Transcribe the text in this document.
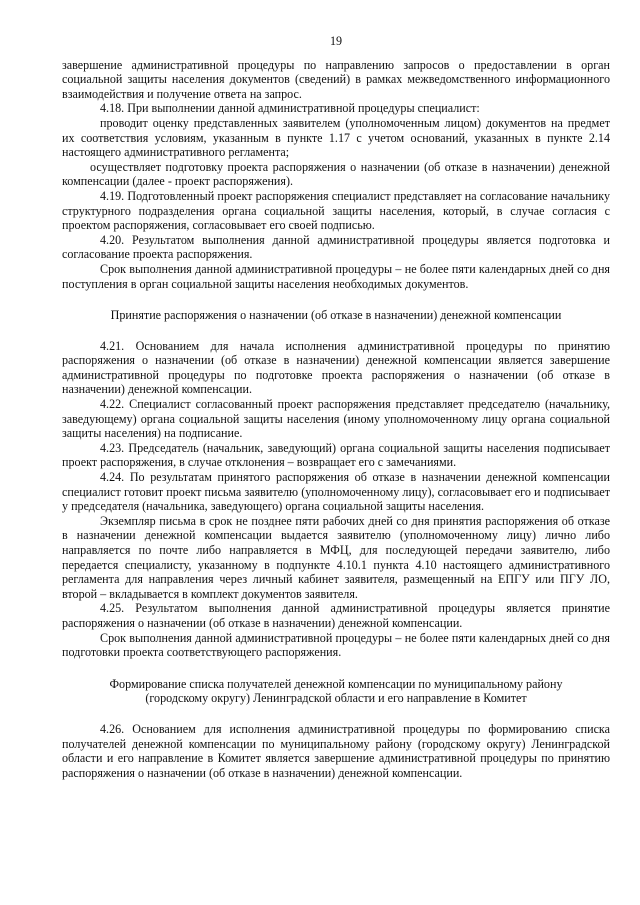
19

завершение административной процедуры по направлению запросов о предоставлении в орган социальной защиты населения документов (сведений) в рамках межведомственного информационного взаимодействия и получение ответа на запрос.

4.18. При выполнении данной административной процедуры специалист:

проводит оценку представленных заявителем (уполномоченным лицом) документов на предмет их соответствия условиям, указанным в пункте 1.17 с учетом оснований, указанных в пункте 2.14 настоящего административного регламента;

осуществляет подготовку проекта распоряжения о назначении (об отказе в назначении) денежной компенсации (далее - проект распоряжения).

4.19. Подготовленный проект распоряжения специалист представляет на согласование начальнику структурного подразделения органа социальной защиты населения, который, в случае согласия с проектом распоряжения, согласовывает его своей подписью.

4.20. Результатом выполнения данной административной процедуры является подготовка и согласование проекта распоряжения.

Срок выполнения данной административной процедуры – не более пяти календарных дней со дня поступления в орган социальной защиты населения необходимых документов.

Принятие распоряжения о назначении (об отказе в назначении) денежной компенсации

4.21. Основанием для начала исполнения административной процедуры по принятию распоряжения о назначении (об отказе в назначении) денежной компенсации является завершение административной процедуры по подготовке проекта распоряжения о назначении (об отказе в назначении) денежной компенсации.

4.22. Специалист согласованный проект распоряжения представляет председателю (начальнику, заведующему) органа социальной защиты населения (иному уполномоченному лицу органа социальной защиты населения) на подписание.

4.23. Председатель (начальник, заведующий) органа социальной защиты населения подписывает проект распоряжения, в случае отклонения – возвращает его с замечаниями.

4.24. По результатам принятого распоряжения об отказе в назначении денежной компенсации специалист готовит проект письма заявителю (уполномоченному лицу), согласовывает его и подписывает у председателя (начальника, заведующего) органа социальной защиты населения.

Экземпляр письма в срок не позднее пяти рабочих дней со дня принятия распоряжения об отказе в назначении денежной компенсации выдается заявителю (уполномоченному лицу) лично либо направляется по почте либо направляется в МФЦ, для последующей передачи заявителю, либо передается специалисту, указанному в подпункте 4.10.1 пункта 4.10 настоящего административного регламента для направления через личный кабинет заявителя, размещенный на ЕПГУ или ПГУ ЛО, второй – вкладывается в комплект документов заявителя.

4.25. Результатом выполнения данной административной процедуры является принятие распоряжения о назначении (об отказе в назначении) денежной компенсации.

Срок выполнения данной административной процедуры – не более пяти календарных дней со дня подготовки проекта соответствующего распоряжения.

Формирование списка получателей денежной компенсации по муниципальному району
(городскому округу) Ленинградской области и его направление в Комитет

4.26. Основанием для исполнения административной процедуры по формированию списка получателей денежной компенсации по муниципальному району (городскому округу) Ленинградской области и его направление в Комитет является завершение административной процедуры по принятию распоряжения о назначении (об отказе в назначении) денежной компенсации.
